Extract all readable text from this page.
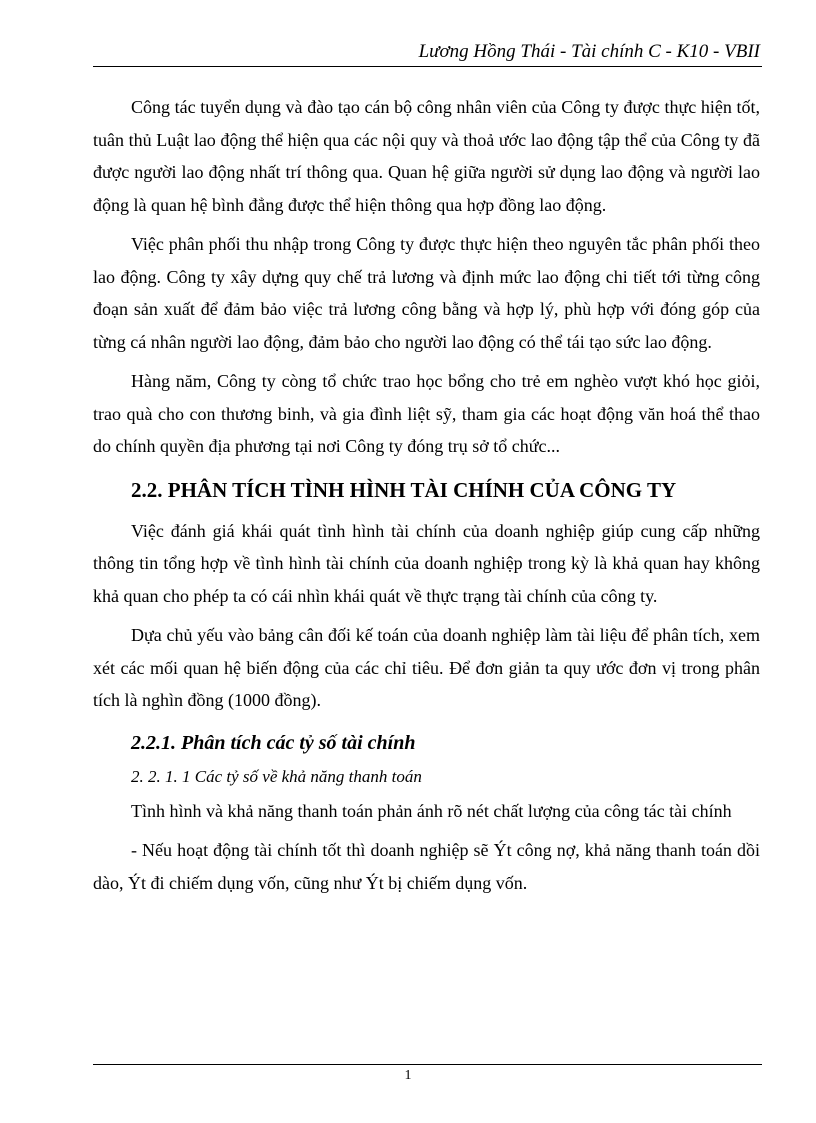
Lương Hồng Thái - Tài chính C - K10 - VBII

Công tác tuyển dụng và đào tạo cán bộ công nhân viên của Công ty được thực hiện tốt, tuân thủ Luật lao động thể hiện qua các nội quy và thoả ước lao động tập thể của Công ty đã được người lao động nhất trí thông qua. Quan hệ giữa người sử dụng lao động và người lao động là quan hệ bình đẳng được thể hiện thông qua hợp đồng lao động.

Việc phân phối thu nhập trong Công ty được thực hiện theo nguyên tắc phân phối theo lao động. Công ty xây dựng quy chế trả lương và định mức lao động chi tiết tới từng công đoạn sản xuất để đảm bảo việc trả lương công bằng và hợp lý, phù hợp với đóng góp của từng cá nhân người lao động, đảm bảo cho người lao động có thể tái tạo sức lao động.

Hàng năm, Công ty còng tổ chức trao học bổng cho trẻ em nghèo vượt khó học giỏi, trao quà cho con thương binh, và gia đình liệt sỹ, tham gia các hoạt động văn hoá thể thao do chính quyền địa phương tại nơi Công ty đóng trụ sở tổ chức...

2.2. PHÂN TÍCH TÌNH HÌNH TÀI CHÍNH CỦA CÔNG TY

Việc đánh giá khái quát tình hình tài chính của doanh nghiệp giúp cung cấp những thông tin tổng hợp về tình hình tài chính của doanh nghiệp trong kỳ là khả quan hay không khả quan cho phép ta có cái nhìn khái quát về thực trạng tài chính của công ty.

Dựa chủ yếu vào bảng cân đối kế toán của doanh nghiệp làm tài liệu để phân tích, xem xét các mối quan hệ biến động của các chỉ tiêu. Để đơn giản ta quy ước đơn vị trong phân tích là nghìn đồng (1000 đồng).

2.2.1. Phân tích các tỷ số tài chính
2. 2. 1. 1 Các tỷ số về khả năng thanh toán

Tình hình và khả năng thanh toán phản ánh rõ nét chất lượng của công tác tài chính

- Nếu hoạt động tài chính tốt thì doanh nghiệp sẽ Ýt công nợ, khả năng thanh toán dồi dào, Ýt đi chiếm dụng vốn, cũng như Ýt bị chiếm dụng vốn.

1
